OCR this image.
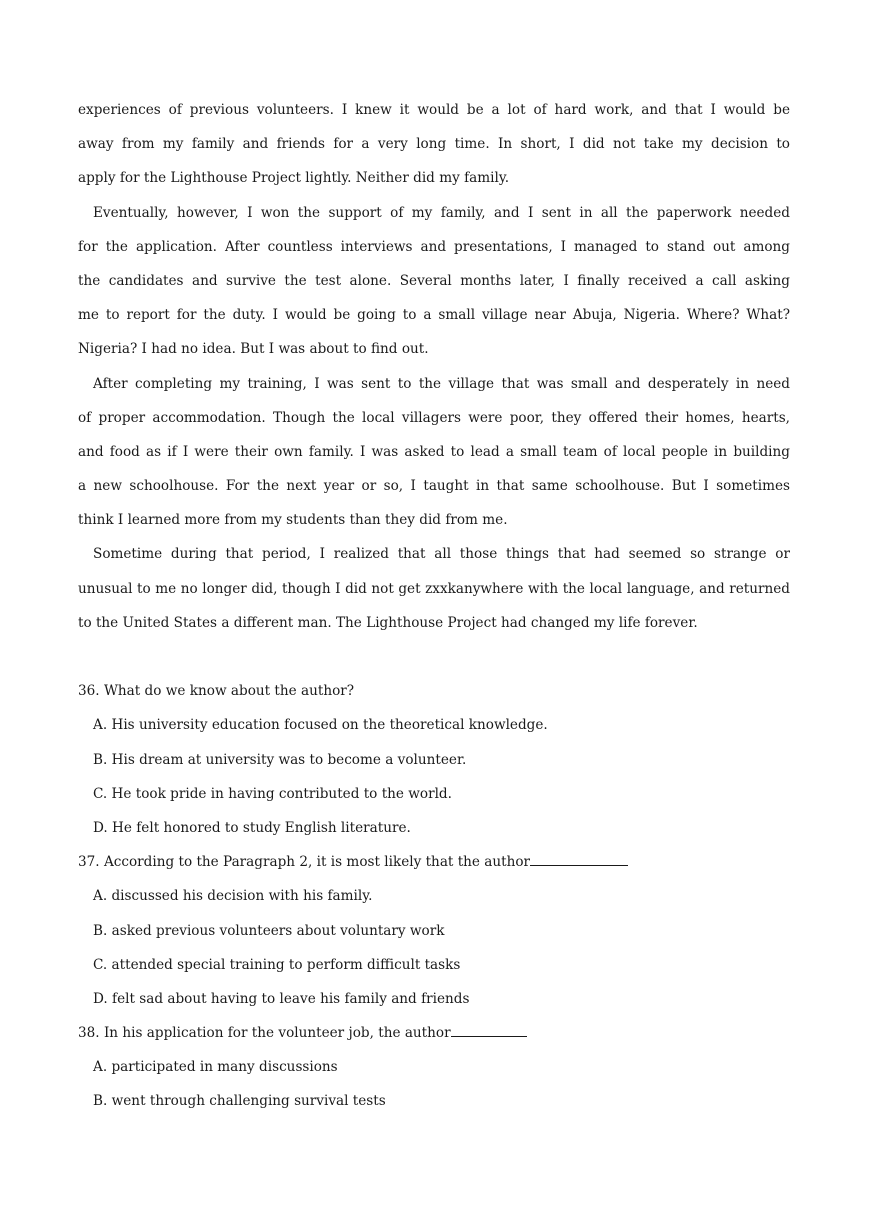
experiences of previous volunteers. I knew it would be a lot of hard work, and that I would be
away from my family and friends for a very long time. In short, I did not take my decision to
apply for the Lighthouse Project lightly. Neither did my family.
Eventually, however, I won the support of my family, and I sent in all the paperwork needed
for the application. After countless interviews and presentations, I managed to stand out among
the candidates and survive the test alone. Several months later, I finally received a call asking
me to report for the duty. I would be going to a small village near Abuja, Nigeria. Where? What?
Nigeria? I had no idea. But I was about to find out.
After completing my training, I was sent to the village that was small and desperately in need
of proper accommodation. Though the local villagers were poor, they offered their homes, hearts,
and food as if I were their own family. I was asked to lead a small team of local people in building
a new schoolhouse. For the next year or so, I taught in that same schoolhouse. But I sometimes
think I learned more from my students than they did from me.
Sometime during that period, I realized that all those things that had seemed so strange or
unusual to me no longer did, though I did not get zxxkanywhere with the local language, and returned
to the United States a different man. The Lighthouse Project had changed my life forever.
36. What do we know about the author?
A. His university education focused on the theoretical knowledge.
B. His dream at university was to become a volunteer.
C. He took pride in having contributed to the world.
D. He felt honored to study English literature.
37. According to the Paragraph 2, it is most likely that the author
A. discussed his decision with his family.
B. asked previous volunteers about voluntary work
C. attended special training to perform difficult tasks
D. felt sad about having to leave his family and friends
38. In his application for the volunteer job, the author
A. participated in many discussions
B. went through challenging survival tests
